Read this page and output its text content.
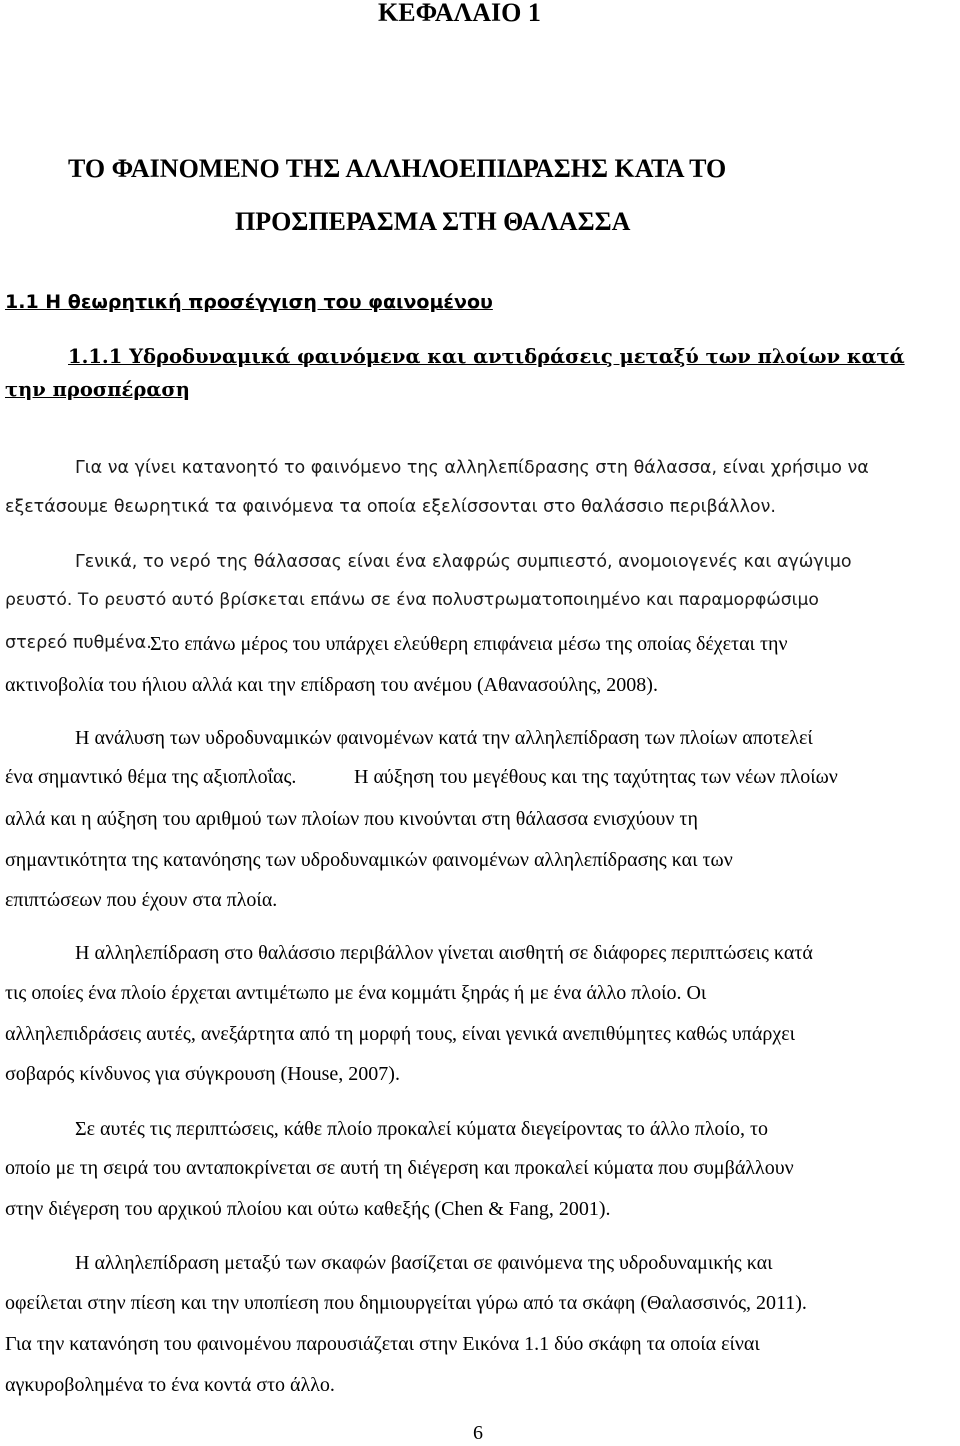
ΚΕΦΑΛΑΙΟ 1
ΤΟ ΦΑΙΝΟΜΕΝΟ ΤΗΣ ΑΛΛΗΛΟΕΠΙΔΡΑΣΗΣ ΚΑΤΑ ΤΟ
ΠΡΟΣΠΕΡΑΣΜΑ ΣΤΗ ΘΑΛΑΣΣΑ
1.1 Η θεωρητική προσέγγιση του φαινομένου
1.1.1 Υδροδυναμικά φαινόμενα και αντιδράσεις μεταξύ των πλοίων κατά
την προσπέραση
Για να γίνει κατανοητό το φαινόμενο της αλληλεπίδρασης στη θάλασσα, είναι χρήσιμο να
εξετάσουμε θεωρητικά τα φαινόμενα τα οποία εξελίσσονται στο θαλάσσιο περιβάλλον.
Γενικά, το νερό της θάλασσας είναι ένα ελαφρώς συμπιεστό, ανομοιογενές και αγώγιμο
ρευστό. Το ρευστό αυτό βρίσκεται επάνω σε ένα πολυστρωματοποιημένο και παραμορφώσιμο
στερεό πυθμένα.
Στο επάνω μέρος του υπάρχει ελεύθερη επιφάνεια μέσω της οποίας δέχεται την
ακτινοβολία του ήλιου αλλά και την επίδραση του ανέμου (Αθανασούλης, 2008).
Η ανάλυση των υδροδυναμικών φαινομένων κατά την αλληλεπίδραση των πλοίων αποτελεί
ένα σημαντικό θέμα της αξιοπλοΐας.	Η αύξηση του μεγέθους και της ταχύτητας των νέων πλοίων
αλλά και η αύξηση του αριθμού των πλοίων που κινούνται στη θάλασσα ενισχύουν τη
σημαντικότητα της κατανόησης των υδροδυναμικών φαινομένων αλληλεπίδρασης και των
επιπτώσεων που έχουν στα πλοία.
Η αλληλεπίδραση στο θαλάσσιο περιβάλλον γίνεται αισθητή σε διάφορες περιπτώσεις κατά
τις οποίες ένα πλοίο έρχεται αντιμέτωπο με ένα κομμάτι ξηράς ή με ένα άλλο πλοίο. Οι
αλληλεπιδράσεις αυτές, ανεξάρτητα από τη μορφή τους, είναι γενικά ανεπιθύμητες καθώς υπάρχει
σοβαρός κίνδυνος για σύγκρουση (House, 2007).
Σε αυτές τις περιπτώσεις, κάθε πλοίο προκαλεί κύματα διεγείροντας το άλλο πλοίο, το
οποίο με τη σειρά του ανταποκρίνεται σε αυτή τη διέγερση και προκαλεί κύματα που συμβάλλουν
στην διέγερση του αρχικού πλοίου και ούτω καθεξής (Chen & Fang, 2001).
Η αλληλεπίδραση μεταξύ των σκαφών βασίζεται σε φαινόμενα της υδροδυναμικής και
οφείλεται στην πίεση και την υποπίεση που δημιουργείται γύρω από τα σκάφη (Θαλασσινός, 2011).
Για την κατανόηση του φαινομένου παρουσιάζεται στην Εικόνα 1.1 δύο σκάφη τα οποία είναι
αγκυροβολημένα το ένα κοντά στο άλλο.
6
